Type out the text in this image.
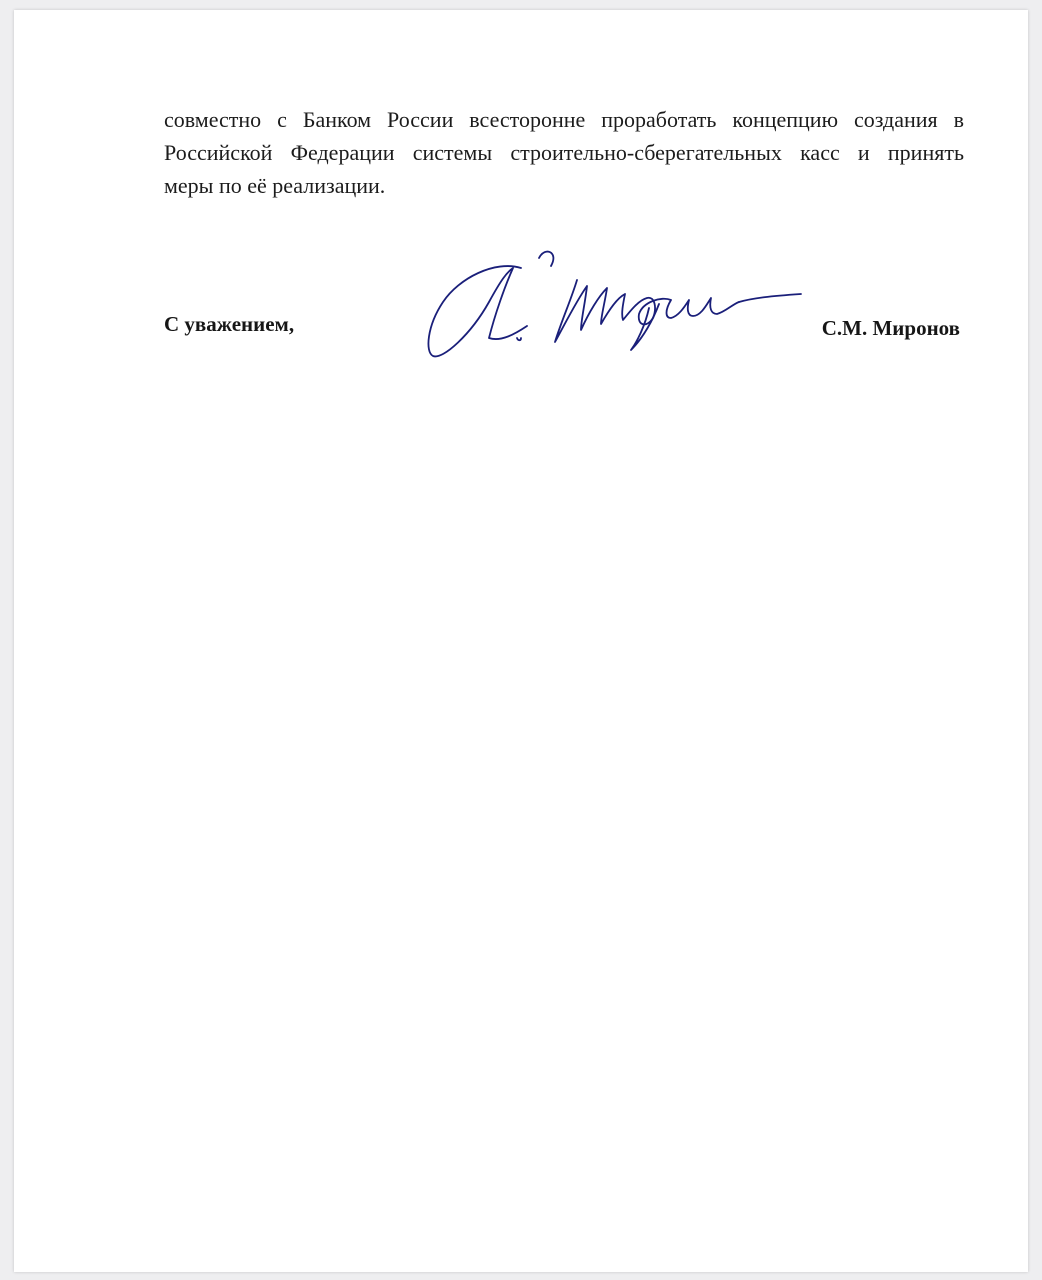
совместно с Банком России всесторонне проработать концепцию создания в
Российской Федерации системы строительно-сберегательных касс и принять
меры по её реализации.

С уважением,	С.М. Миронов
